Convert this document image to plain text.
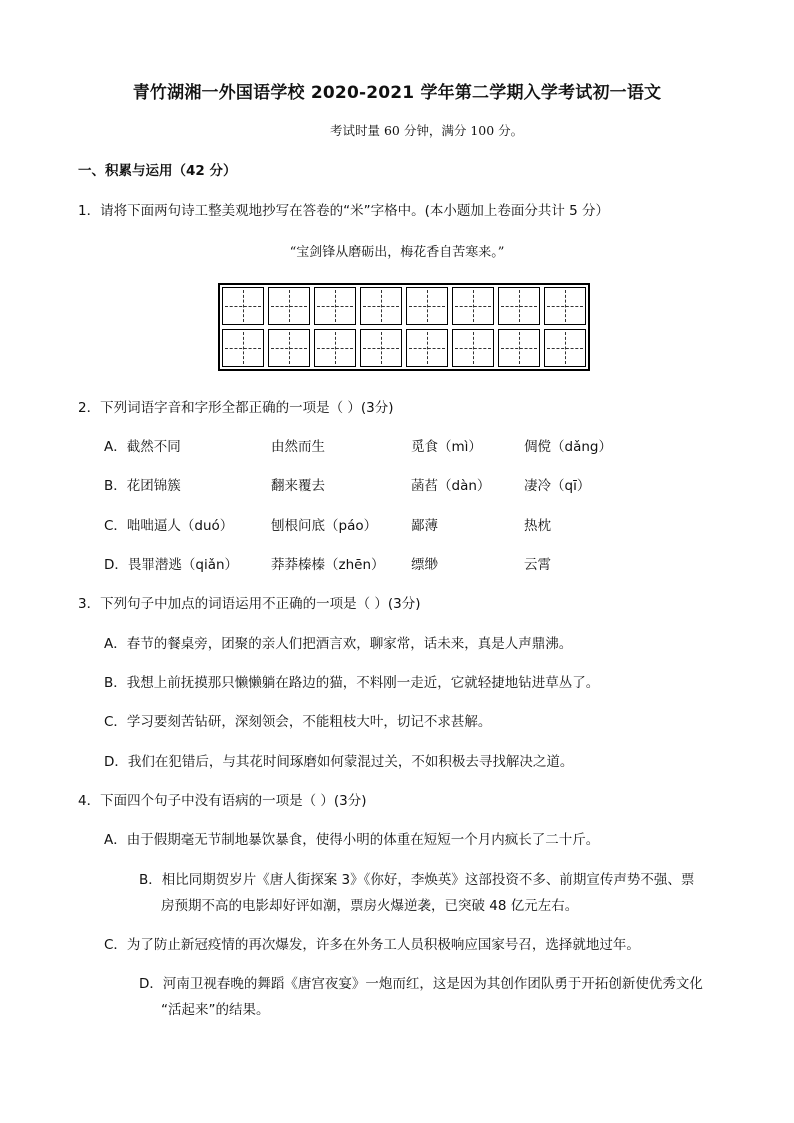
青竹湖湘一外国语学校 2020-2021 学年第二学期入学考试初一语文
考试时量 60 分钟，满分 100 分。
一、积累与运用（42 分）
1．请将下面两句诗工整美观地抄写在答卷的“米”字格中。(本小题加上卷面分共计 5 分）
“宝剑锋从磨砺出，梅花香自苦寒来。”
2．下列词语字音和字形全都正确的一项是（ ）(3分)
A．截然不同	由然而生	觅食（mì）	倜傥（dǎng）
B．花团锦簇	翻来覆去	菡萏（dàn） 凄冷（qī）
C．咄咄逼人（duó）	刨根问底（páo）	鄙薄	热枕
D．畏罪潜逃（qiǎn） 莽莽榛榛（zhēn） 缥缈	云霄
3．下列句子中加点的词语运用不正确的一项是（ ）(3分)
A．春节的餐桌旁，团聚的亲人们把酒言欢，聊家常，话未来，真是人声鼎沸。
B．我想上前抚摸那只懒懒躺在路边的猫，不料刚一走近，它就轻捷地钻进草丛了。
C．学习要刻苦钻研，深刻领会，不能粗枝大叶，切记不求甚解。
D．我们在犯错后，与其花时间琢磨如何蒙混过关，不如积极去寻找解决之道。
4．下面四个句子中没有语病的一项是（ ）(3分)
A．由于假期毫无节制地暴饮暴食，使得小明的体重在短短一个月内疯长了二十斤。
B．相比同期贺岁片《唐人街探案 3》《你好，李焕英》这部投资不多、前期宣传声势不强、票
房预期不高的电影却好评如潮，票房火爆逆袭，已突破 48 亿元左右。
C．为了防止新冠疫情的再次爆发，许多在外务工人员积极响应国家号召，选择就地过年。
D．河南卫视春晚的舞蹈《唐宫夜宴》一炮而红，这是因为其创作团队勇于开拓创新使优秀文化
“活起来”的结果。
